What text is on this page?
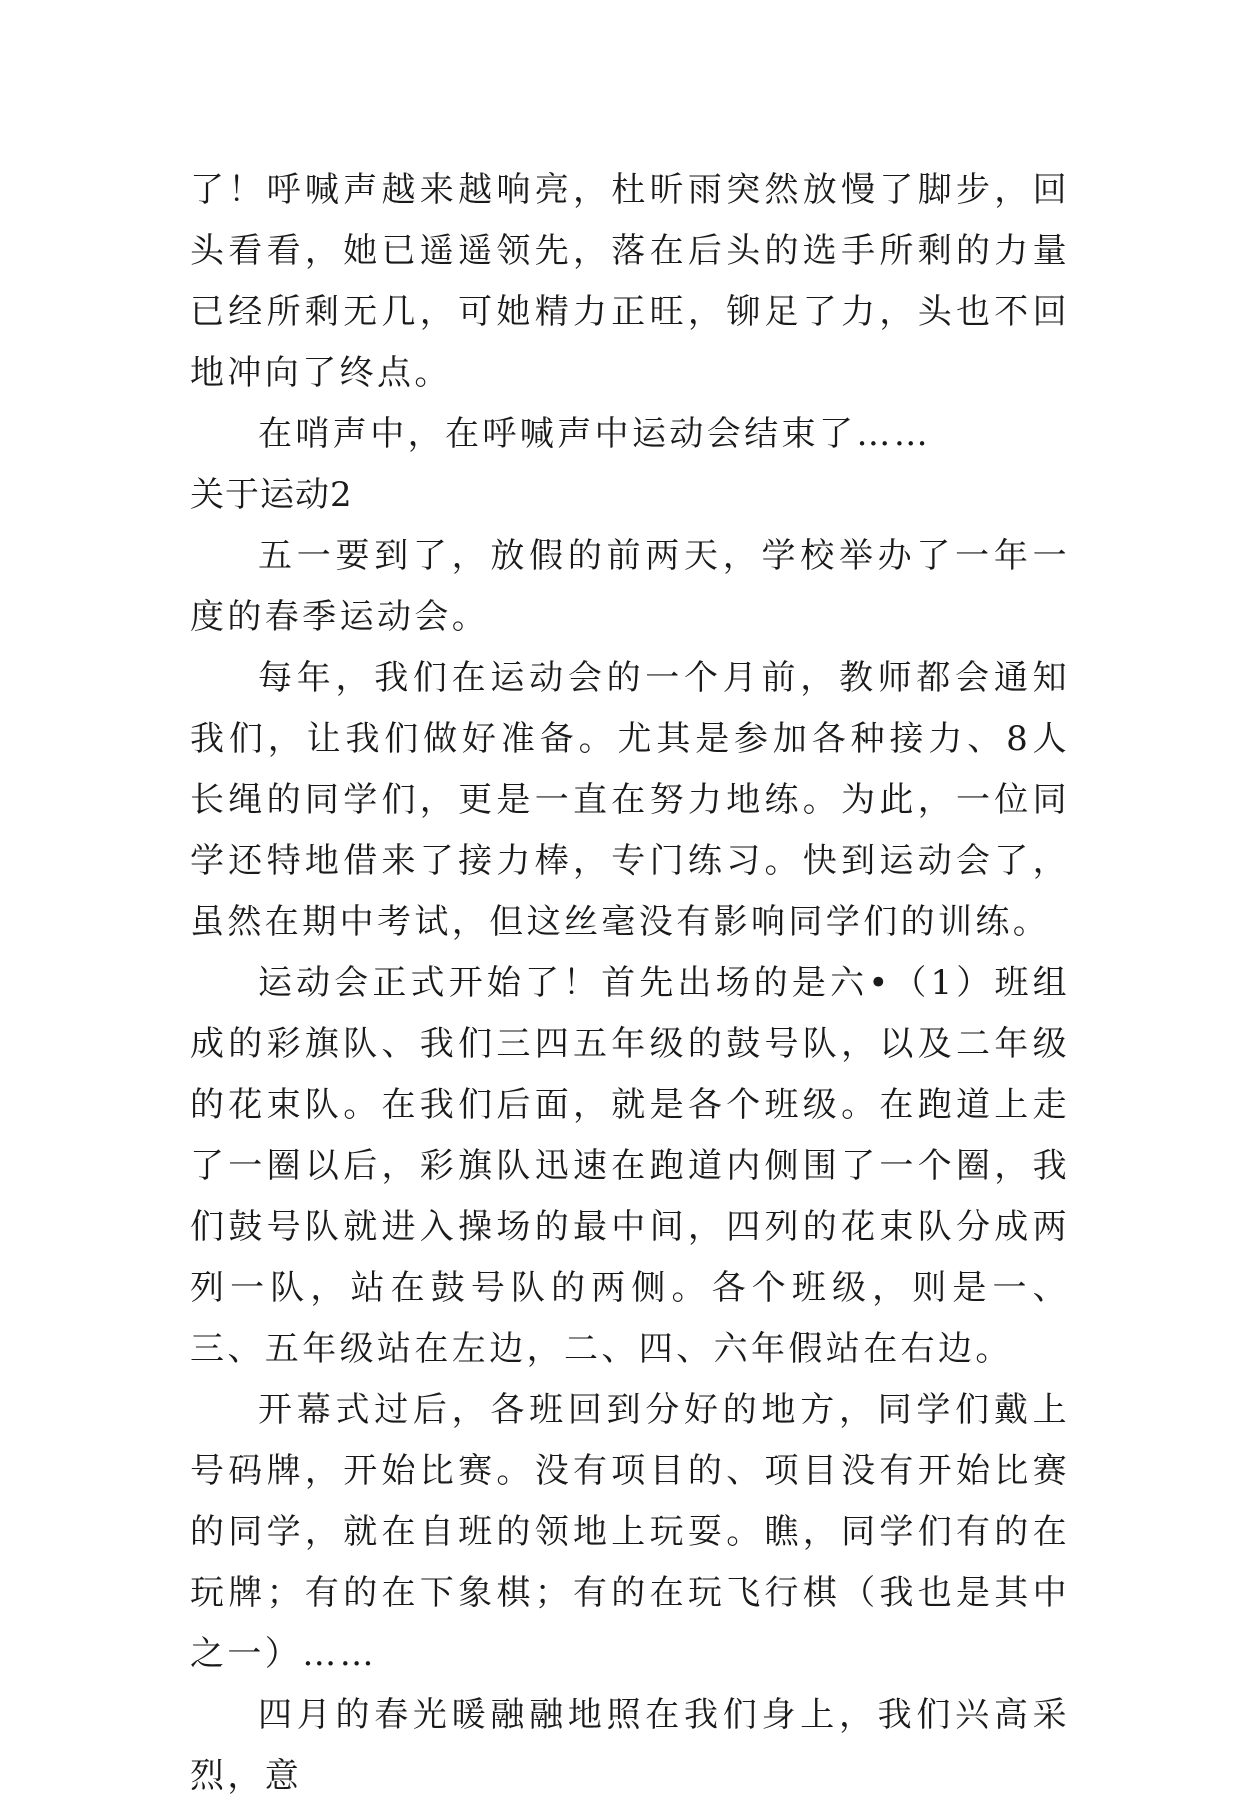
了！呼喊声越来越响亮，杜昕雨突然放慢了脚步，回头看看，她已遥遥领先，落在后头的选手所剩的力量已经所剩无几，可她精力正旺，铆足了力，头也不回地冲向了终点。

在哨声中，在呼喊声中运动会结束了……

关于运动2

五一要到了，放假的前两天，学校举办了一年一度的春季运动会。

每年，我们在运动会的一个月前，教师都会通知我们，让我们做好准备。尤其是参加各种接力、8人长绳的同学们，更是一直在努力地练。为此，一位同学还特地借来了接力棒，专门练习。快到运动会了，虽然在期中考试，但这丝毫没有影响同学们的训练。

运动会正式开始了！首先出场的是六•（1）班组成的彩旗队、我们三四五年级的鼓号队，以及二年级的花束队。在我们后面，就是各个班级。在跑道上走了一圈以后，彩旗队迅速在跑道内侧围了一个圈，我们鼓号队就进入操场的最中间，四列的花束队分成两列一队，站在鼓号队的两侧。各个班级，则是一、三、五年级站在左边，二、四、六年假站在右边。

开幕式过后，各班回到分好的地方，同学们戴上号码牌，开始比赛。没有项目的、项目没有开始比赛的同学，就在自班的领地上玩耍。瞧，同学们有的在玩牌；有的在下象棋；有的在玩飞行棋（我也是其中之一）……

四月的春光暖融融地照在我们身上，我们兴高采烈，意
